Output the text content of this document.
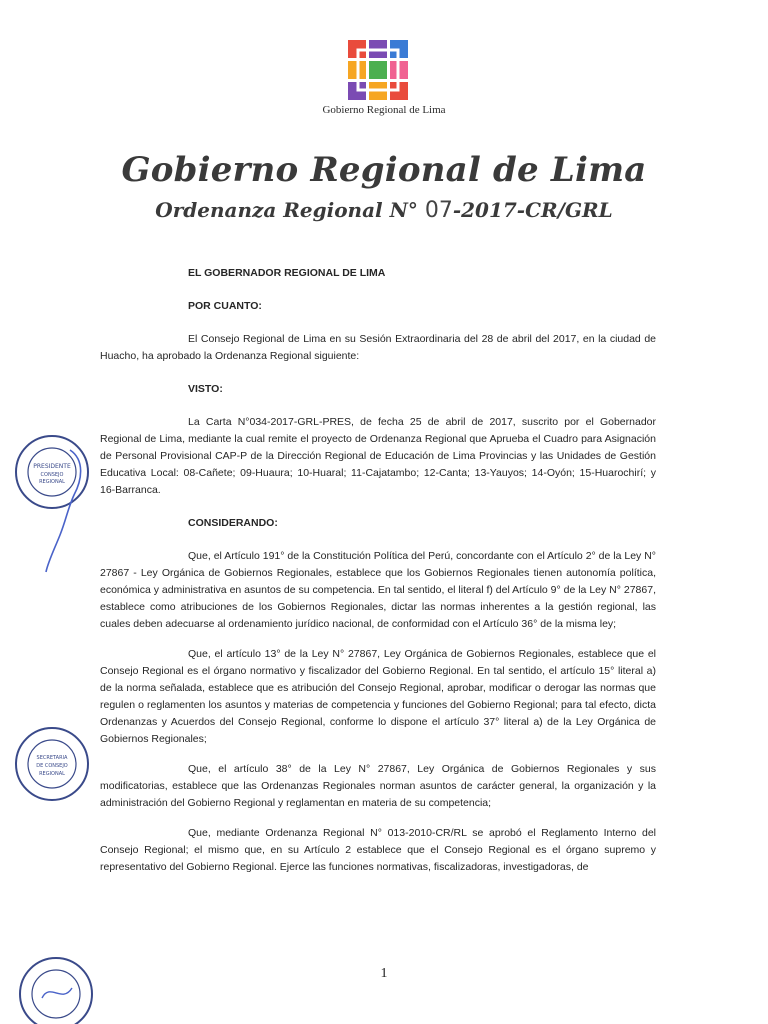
Gobierno Regional de Lima
Gobierno Regional de Lima
Ordenanza Regional N° 07-2017-CR/GRL
EL GOBERNADOR REGIONAL DE LIMA
POR CUANTO:

El Consejo Regional de Lima en su Sesión Extraordinaria del 28 de abril del 2017, en la ciudad de Huacho, ha aprobado la Ordenanza Regional siguiente:

VISTO:

La Carta N°034-2017-GRL-PRES, de fecha 25 de abril de 2017, suscrito por el Gobernador Regional de Lima, mediante la cual remite el proyecto de Ordenanza Regional que Aprueba el Cuadro para Asignación de Personal Provisional CAP-P de la Dirección Regional de Educación de Lima Provincias y las Unidades de Gestión Educativa Local: 08-Cañete; 09-Huaura; 10-Huaral; 11-Cajatambo; 12-Canta; 13-Yauyos; 14-Oyón; 15-Huarochirí; y 16-Barranca.

CONSIDERANDO:

Que, el Artículo 191° de la Constitución Política del Perú, concordante con el Artículo 2° de la Ley N° 27867 - Ley Orgánica de Gobiernos Regionales, establece que los Gobiernos Regionales tienen autonomía política, económica y administrativa en asuntos de su competencia. En tal sentido, el literal f) del Artículo 9° de la Ley N° 27867, establece como atribuciones de los Gobiernos Regionales, dictar las normas inherentes a la gestión regional, las cuales deben adecuarse al ordenamiento jurídico nacional, de conformidad con el Artículo 36° de la misma ley;

Que, el artículo 13° de la Ley N° 27867, Ley Orgánica de Gobiernos Regionales, establece que el Consejo Regional es el órgano normativo y fiscalizador del Gobierno Regional. En tal sentido, el artículo 15° literal a) de la norma señalada, establece que es atribución del Consejo Regional, aprobar, modificar o derogar las normas que regulen o reglamenten los asuntos y materias de competencia y funciones del Gobierno Regional; para tal efecto, dicta Ordenanzas y Acuerdos del Consejo Regional, conforme lo dispone el artículo 37° literal a) de la Ley Orgánica de Gobiernos Regionales;

Que, el artículo 38° de la Ley N° 27867, Ley Orgánica de Gobiernos Regionales y sus modificatorias, establece que las Ordenanzas Regionales norman asuntos de carácter general, la organización y la administración del Gobierno Regional y reglamentan en materia de su competencia;

Que, mediante Ordenanza Regional N° 013-2010-CR/RL se aprobó el Reglamento Interno del Consejo Regional; el mismo que, en su Artículo 2 establece que el Consejo Regional es el órgano supremo y representativo del Gobierno Regional. Ejerce las funciones normativas, fiscalizadoras, investigadoras, de

1
PRESIDENTE
CONSEJO
REGIONAL
SECRETARIA
DE CONSEJO
REGIONAL
